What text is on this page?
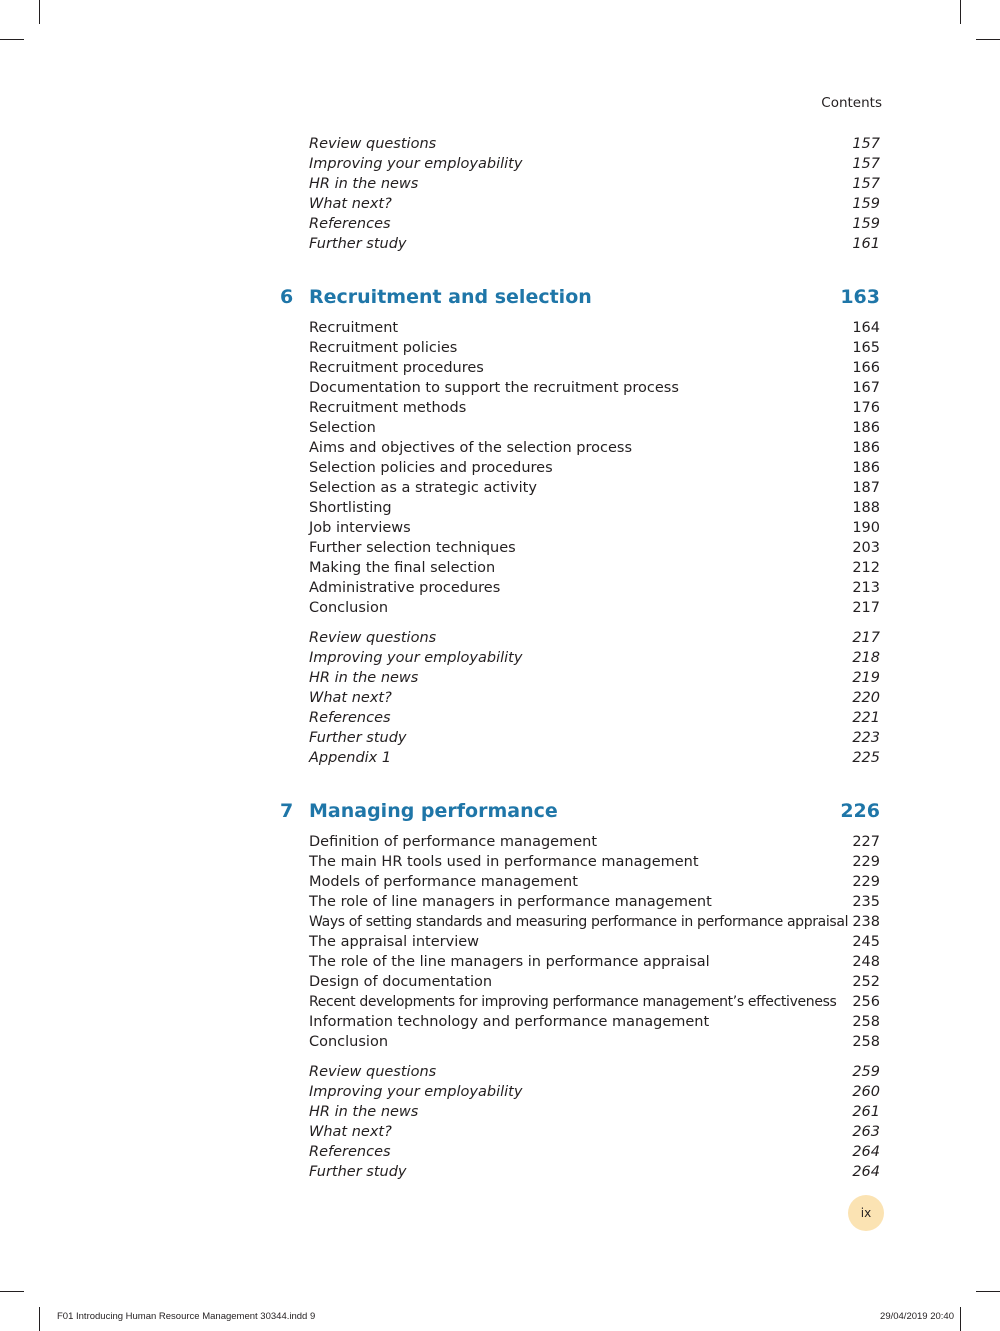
Contents
Review questions	157
Improving your employability	157
HR in the news	157
What next?	159
References	159
Further study	161
6 Recruitment and selection	163
Recruitment	164
Recruitment policies	165
Recruitment procedures	166
Documentation to support the recruitment process	167
Recruitment methods	176
Selection	186
Aims and objectives of the selection process	186
Selection policies and procedures	186
Selection as a strategic activity	187
Shortlisting	188
Job interviews	190
Further selection techniques	203
Making the final selection	212
Administrative procedures	213
Conclusion	217
Review questions	217
Improving your employability	218
HR in the news	219
What next?	220
References	221
Further study	223
Appendix 1	225
7 Managing performance	226
Definition of performance management	227
The main HR tools used in performance management	229
Models of performance management	229
The role of line managers in performance management	235
Ways of setting standards and measuring performance in performance appraisal 238
The appraisal interview	245
The role of the line managers in performance appraisal	248
Design of documentation	252
Recent developments for improving performance management’s effectiveness 256
Information technology and performance management	258
Conclusion	258
Review questions	259
Improving your employability	260
HR in the news	261
What next?	263
References	264
Further study	264
ix
F01 Introducing Human Resource Management 30344.indd 9	29/04/2019 20:40
